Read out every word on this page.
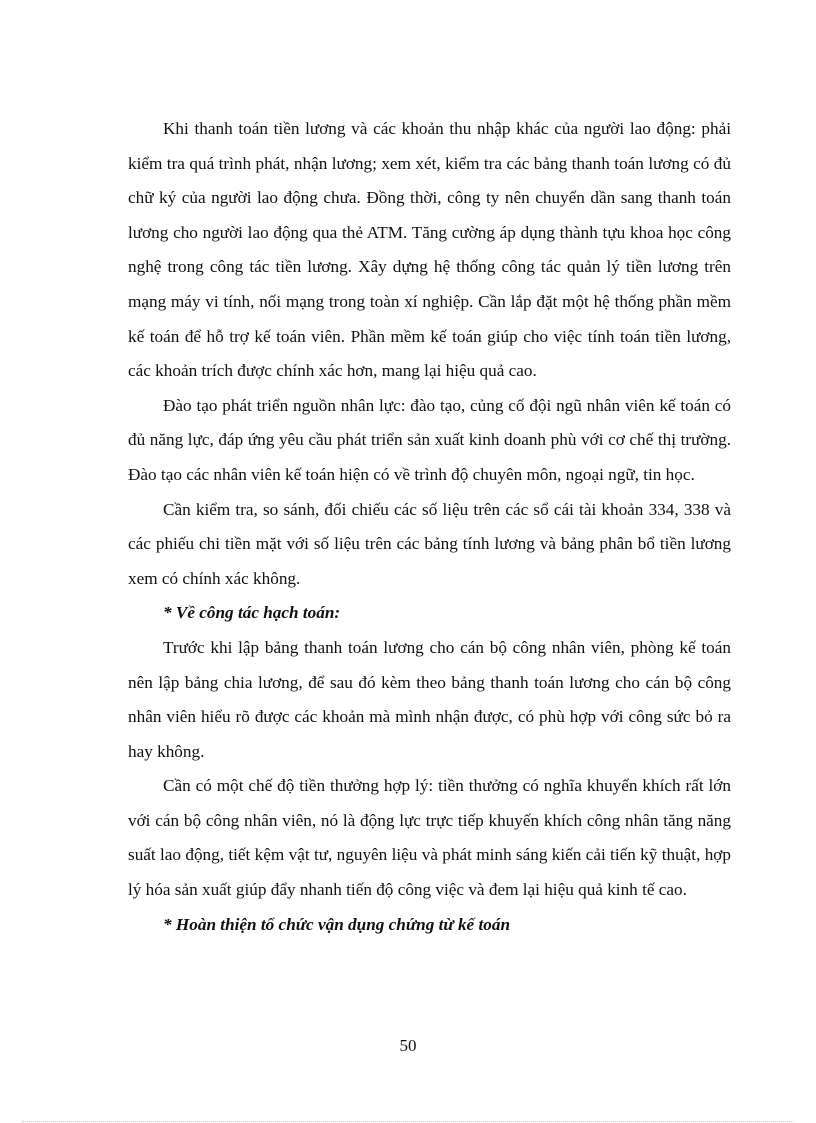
Khi thanh toán tiền lương và các khoản thu nhập khác của người lao động: phải kiểm tra quá trình phát, nhận lương; xem xét, kiểm tra các bảng thanh toán lương có đủ chữ ký của người lao động chưa. Đồng thời, công ty nên chuyển dần sang thanh toán lương cho người lao động qua thẻ ATM. Tăng cường áp dụng thành tựu khoa học công nghệ trong công tác tiền lương. Xây dựng hệ thống công tác quản lý tiền lương trên mạng máy vi tính, nối mạng trong toàn xí nghiệp. Cần lắp đặt một hệ thống phần mềm kế toán để hỗ trợ kế toán viên. Phần mềm kế toán giúp cho việc tính toán tiền lương, các khoản trích được chính xác hơn, mang lại hiệu quả cao.

Đào tạo phát triển nguồn nhân lực: đào tạo, củng cố đội ngũ nhân viên kế toán có đủ năng lực, đáp ứng yêu cầu phát triển sản xuất kinh doanh phù với cơ chế thị trường. Đào tạo các nhân viên kế toán hiện có về trình độ chuyên môn, ngoại ngữ, tin học.

Cần kiểm tra, so sánh, đối chiếu các số liệu trên các sổ cái tài khoản 334, 338 và các phiếu chi tiền mặt với số liệu trên các bảng tính lương và bảng phân bổ tiền lương xem có chính xác không.

* Về công tác hạch toán:

Trước khi lập bảng thanh toán lương cho cán bộ công nhân viên, phòng kế toán nên lập bảng chia lương, để sau đó kèm theo bảng thanh toán lương cho cán bộ công nhân viên hiểu rõ được các khoản mà mình nhận được, có phù hợp với công sức bỏ ra hay không.

Cần có một chế độ tiền thưởng hợp lý: tiền thưởng có nghĩa khuyến khích rất lớn với cán bộ công nhân viên, nó là động lực trực tiếp khuyến khích công nhân tăng năng suất lao động, tiết kệm vật tư, nguyên liệu và phát minh sáng kiến cải tiến kỹ thuật, hợp lý hóa sản xuất giúp đẩy nhanh tiến độ công việc và đem lại hiệu quả kinh tế cao.

* Hoàn thiện tổ chức vận dụng chứng từ kế toán

50
